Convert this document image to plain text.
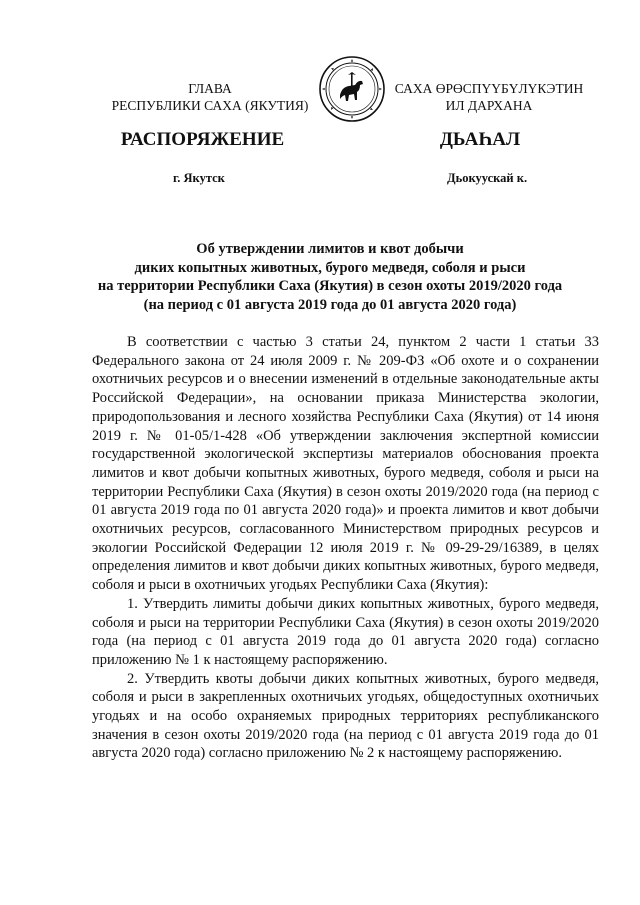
ГЛАВА
РЕСПУБЛИКИ САХА (ЯКУТИЯ)
САХА ӨРӨСПҮҮБҮЛҮКЭТИН
ИЛ ДАРХАНА
РАСПОРЯЖЕНИЕ	ДЬАҺАЛ
г. Якутск	Дьокуускай к.
Об утверждении лимитов и квот добычи
диких копытных животных, бурого медведя, соболя и рыси
на территории Республики Саха (Якутия) в сезон охоты 2019/2020 года
(на период с 01 августа 2019 года до 01 августа 2020 года)

В соответствии с частью 3 статьи 24, пунктом 2 части 1 статьи 33 Федерального закона от 24 июля 2009 г. № 209-ФЗ «Об охоте и о сохранении охотничьих ресурсов и о внесении изменений в отдельные законодательные акты Российской Федерации», на основании приказа Министерства экологии, природопользования и лесного хозяйства Республики Саха (Якутия) от 14 июня 2019 г. № 01-05/1-428 «Об утверждении заключения экспертной комиссии государственной экологической экспертизы материалов обоснования проекта лимитов и квот добычи копытных животных, бурого медведя, соболя и рыси на территории Республики Саха (Якутия) в сезон охоты 2019/2020 года (на период с 01 августа 2019 года по 01 августа 2020 года)» и проекта лимитов и квот добычи охотничьих ресурсов, согласованного Министерством природных ресурсов и экологии Российской Федерации 12 июля 2019 г. № 09-29-29/16389, в целях определения лимитов и квот добычи диких копытных животных, бурого медведя, соболя и рыси в охотничьих угодьях Республики Саха (Якутия):

1. Утвердить лимиты добычи диких копытных животных, бурого медведя, соболя и рыси на территории Республики Саха (Якутия) в сезон охоты 2019/2020 года (на период с 01 августа 2019 года до 01 августа 2020 года) согласно приложению № 1 к настоящему распоряжению.

2. Утвердить квоты добычи диких копытных животных, бурого медведя, соболя и рыси в закрепленных охотничьих угодьях, общедоступных охотничьих угодьях и на особо охраняемых природных территориях республиканского значения в сезон охоты 2019/2020 года (на период с 01 августа 2019 года до 01 августа 2020 года) согласно приложению № 2 к настоящему распоряжению.
